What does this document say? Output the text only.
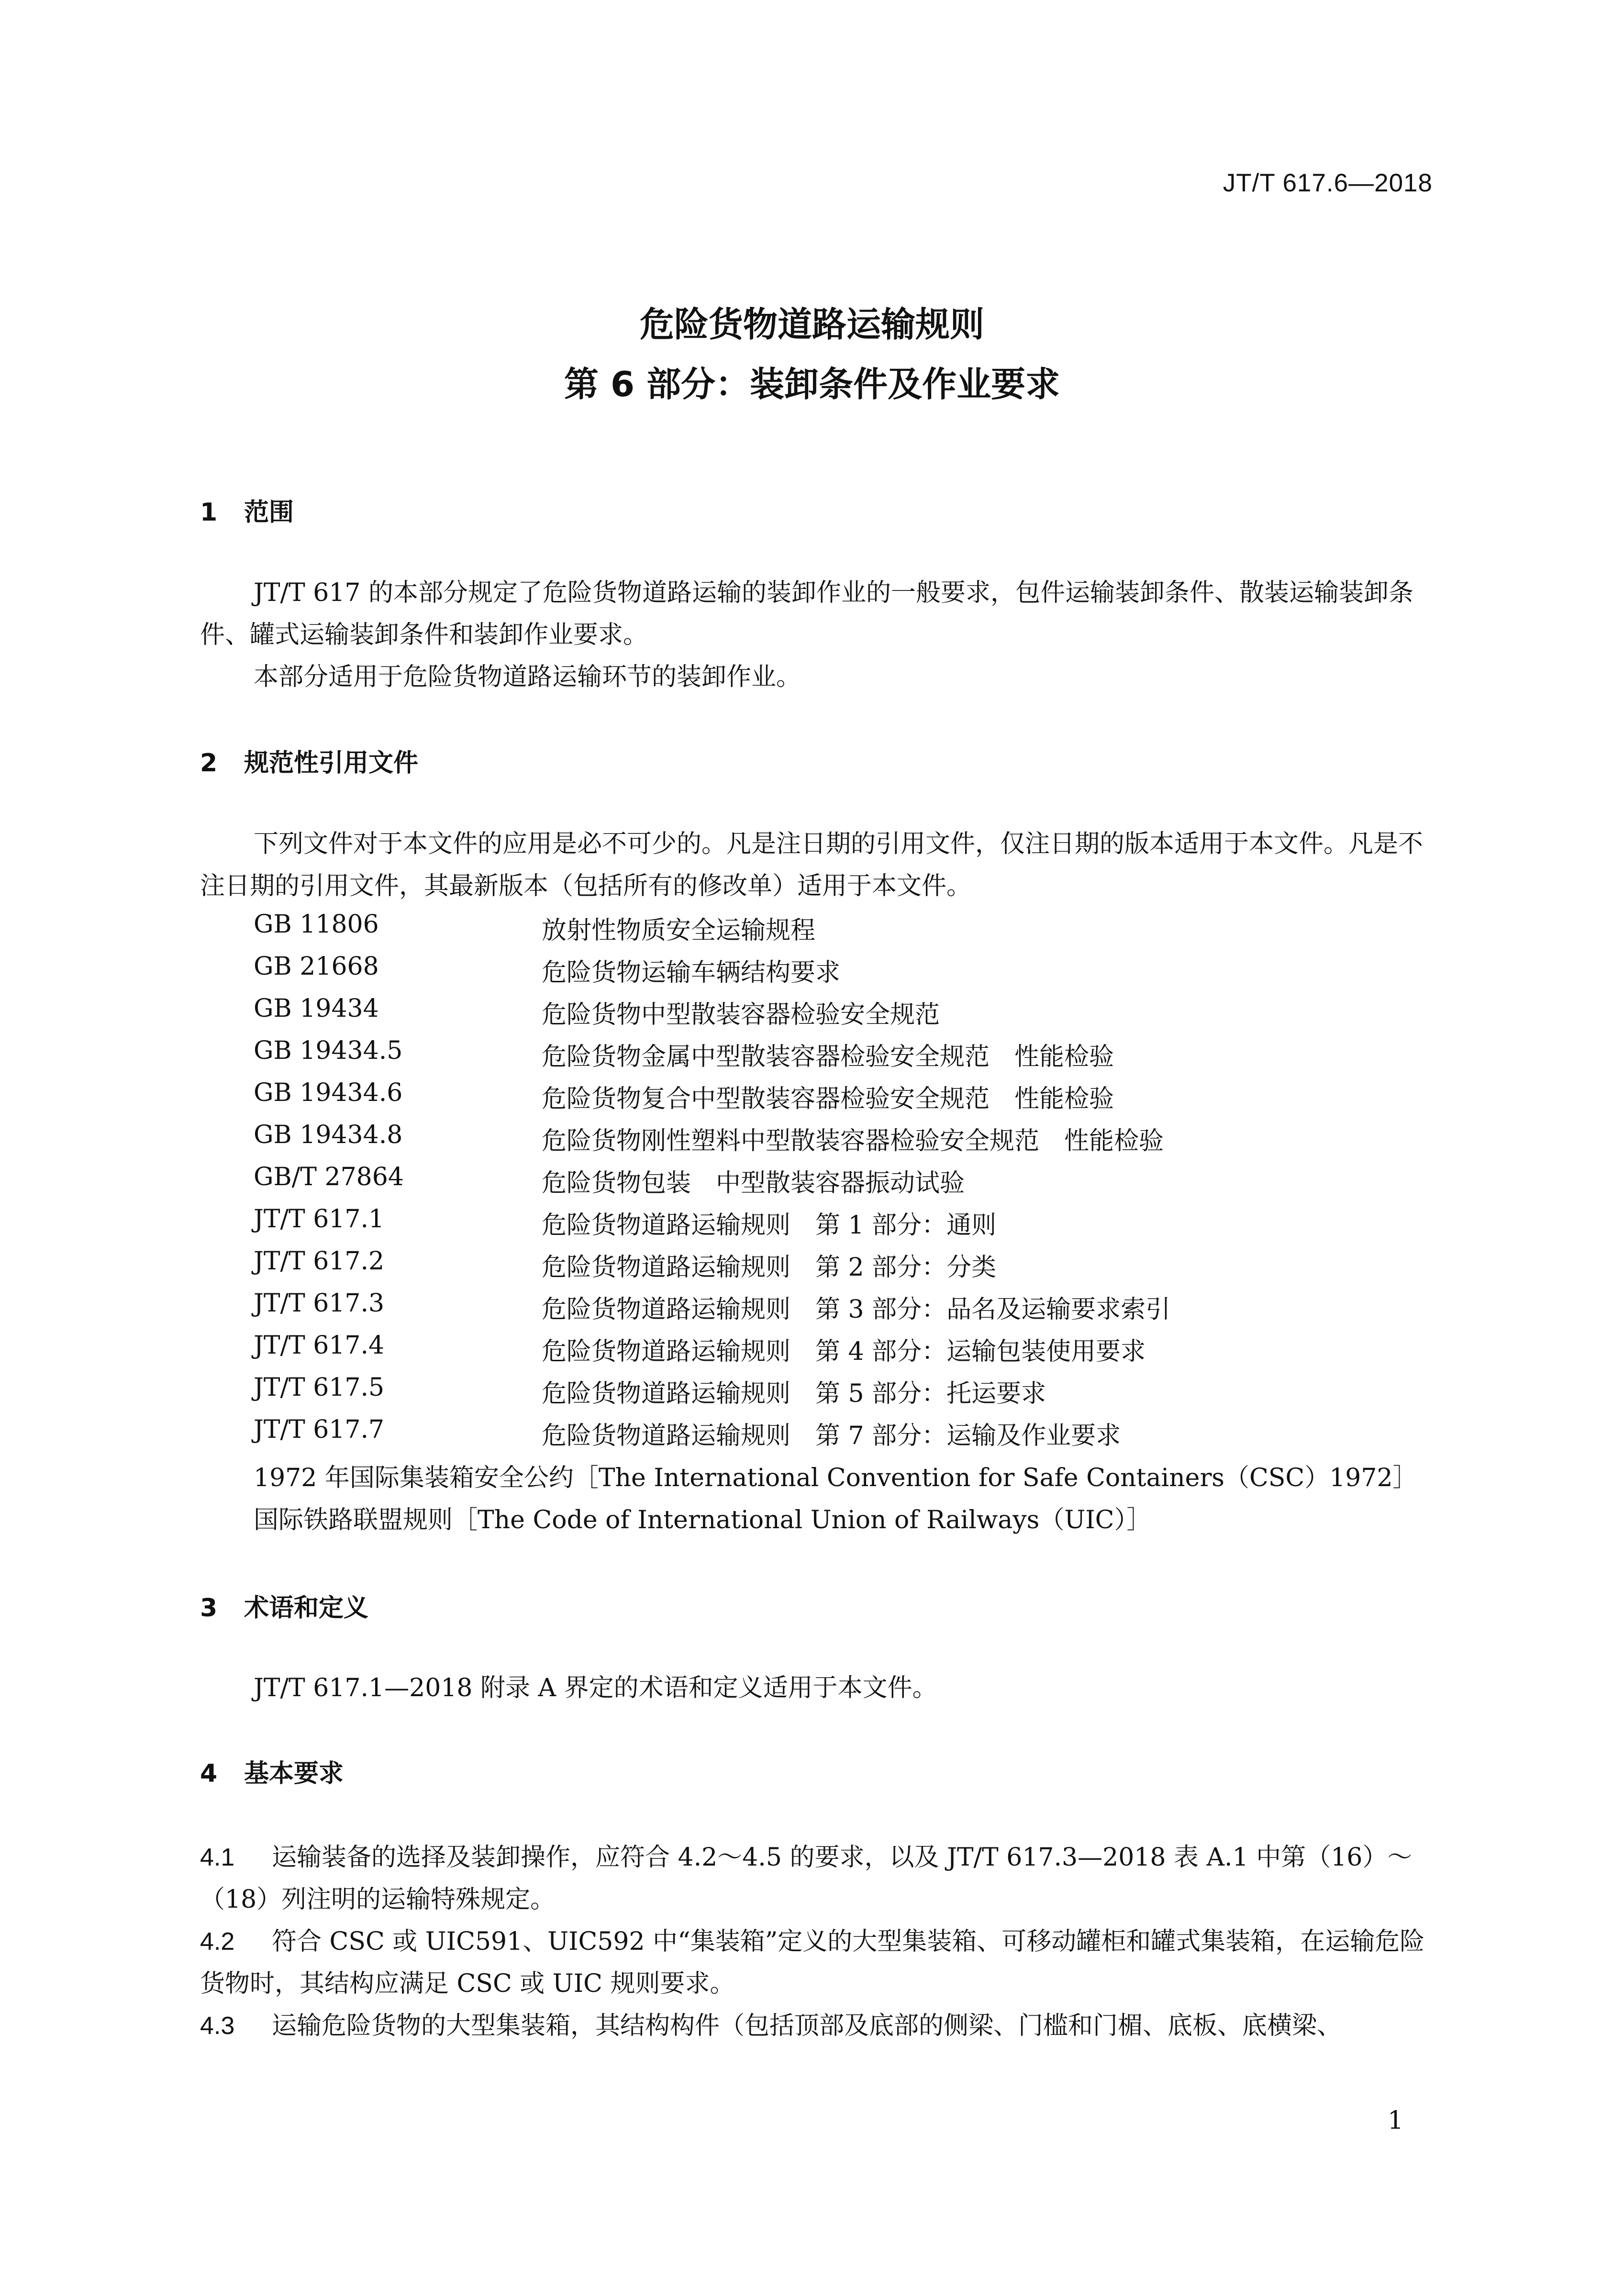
JT/T 617.6—2018
危险货物道路运输规则
第 6 部分：装卸条件及作业要求
1 范围
JT/T 617 的本部分规定了危险货物道路运输的装卸作业的一般要求，包件运输装卸条件、散装运输装卸条件、罐式运输装卸条件和装卸作业要求。
本部分适用于危险货物道路运输环节的装卸作业。
2 规范性引用文件
下列文件对于本文件的应用是必不可少的。凡是注日期的引用文件，仅注日期的版本适用于本文件。凡是不注日期的引用文件，其最新版本（包括所有的修改单）适用于本文件。
GB 11806	放射性物质安全运输规程
GB 21668	危险货物运输车辆结构要求
GB 19434	危险货物中型散装容器检验安全规范
GB 19434.5	危险货物金属中型散装容器检验安全规范　性能检验
GB 19434.6	危险货物复合中型散装容器检验安全规范　性能检验
GB 19434.8	危险货物刚性塑料中型散装容器检验安全规范　性能检验
GB/T 27864	危险货物包装　中型散装容器振动试验
JT/T 617.1	危险货物道路运输规则　第 1 部分：通则
JT/T 617.2	危险货物道路运输规则　第 2 部分：分类
JT/T 617.3	危险货物道路运输规则　第 3 部分：品名及运输要求索引
JT/T 617.4	危险货物道路运输规则　第 4 部分：运输包装使用要求
JT/T 617.5	危险货物道路运输规则　第 5 部分：托运要求
JT/T 617.7	危险货物道路运输规则　第 7 部分：运输及作业要求
1972 年国际集装箱安全公约［The International Convention for Safe Containers（CSC）1972］
国际铁路联盟规则［The Code of International Union of Railways（UIC）］
3 术语和定义
JT/T 617.1—2018 附录 A 界定的术语和定义适用于本文件。
4 基本要求
4.1 运输装备的选择及装卸操作，应符合 4.2～4.5 的要求，以及 JT/T 617.3—2018 表 A.1 中第（16）～（18）列注明的运输特殊规定。
4.2 符合 CSC 或 UIC591、UIC592 中“集装箱”定义的大型集装箱、可移动罐柜和罐式集装箱，在运输危险货物时，其结构应满足 CSC 或 UIC 规则要求。
4.3 运输危险货物的大型集装箱，其结构构件（包括顶部及底部的侧梁、门槛和门楣、底板、底横梁、
1
